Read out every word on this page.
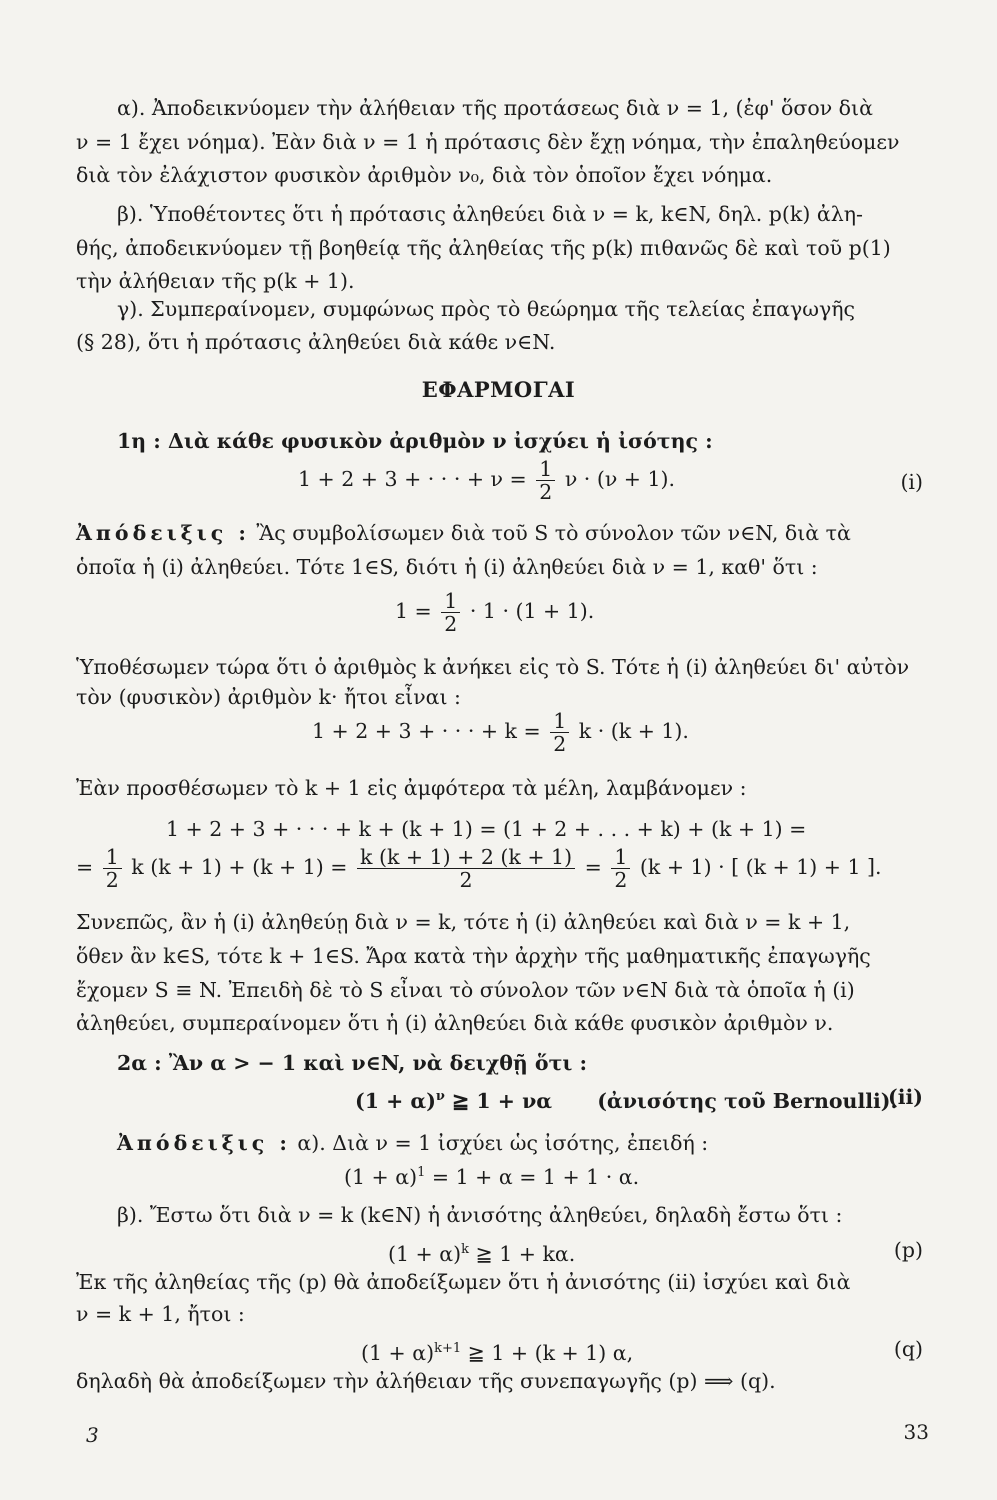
α). Ἀποδεικνύομεν τὴν ἀλήθειαν τῆς προτάσεως διὰ ν = 1, (ἐφ' ὅσον διὰ
ν = 1 ἔχει νόημα). Ἐὰν διὰ ν = 1 ἡ πρότασις δὲν ἔχῃ νόημα, τὴν ἐπαληθεύομεν
διὰ τὸν ἐλάχιστον φυσικὸν ἀριθμὸν ν₀, διὰ τὸν ὁποῖον ἔχει νόημα.
β). Ὑποθέτοντες ὅτι ἡ πρότασις ἀληθεύει διὰ ν = k, k∈N, δηλ. p(k) ἀλη-
θής, ἀποδεικνύομεν τῇ βοηθείᾳ τῆς ἀληθείας τῆς p(k) πιθανῶς δὲ καὶ τοῦ p(1)
τὴν ἀλήθειαν τῆς p(k + 1).
γ). Συμπεραίνομεν, συμφώνως πρὸς τὸ θεώρημα τῆς τελείας ἐπαγωγῆς
(§ 28), ὅτι ἡ πρότασις ἀληθεύει διὰ κάθε ν∈N.
ΕΦΑΡΜΟΓΑΙ
1η : Διὰ κάθε φυσικὸν ἀριθμὸν ν ἰσχύει ἡ ἰσότης :
1 + 2 + 3 + · · · + $\nu = \frac{1}{2}$ ν · (ν + 1).	(i)
Ἀπόδειξις : Ἂς συμβολίσωμεν διὰ τοῦ S τὸ σύνολον τῶν ν∈N, διὰ τὰ
ὁποῖα ἡ (i) ἀληθεύει. Τότε 1∈S, διότι ἡ (i) ἀληθεύει διὰ ν = 1, καθ' ὅτι :
$1 = \frac{1}{2} \cdot 1 \cdot (1 + 1)$.
Ὑποθέσωμεν τώρα ὅτι ὁ ἀριθμὸς k ἀνήκει εἰς τὸ S. Τότε ἡ (i) ἀληθεύει δι' αὐτὸν
τὸν (φυσικὸν) ἀριθμὸν k· ἤτοι εἶναι :
1 + 2 + 3 + · · · + $k = \frac{1}{2}$ k · (k + 1).
Ἐὰν προσθέσωμεν τὸ k + 1 εἰς ἀμφότερα τὰ μέλη, λαμβάνομεν :
1 + 2 + 3 + · · · + k + (k + 1) = (1 + 2 + . . . + k) + (k + 1) =
= $\frac{1}{2}$ k $(k + 1) + (k + 1) = \frac{k (k + 1) + 2 (k + 1)}{2} = \frac{1}{2} (k + 1)$ · [ (k + 1) + 1 ].
Συνεπῶς, ἂν ἡ (i) ἀληθεύῃ διὰ ν = k, τότε ἡ (i) ἀληθεύει καὶ διὰ ν = k + 1,
ὅθεν ἂν k∈S, τότε k + 1∈S. Ἄρα κατὰ τὴν ἀρχὴν τῆς μαθηματικῆς ἐπαγωγῆς
ἔχομεν S ≡ N. Ἐπειδὴ δὲ τὸ S εἶναι τὸ σύνολον τῶν ν∈N διὰ τὰ ὁποῖα ἡ (i)
ἀληθεύει, συμπεραίνομεν ὅτι ἡ (i) ἀληθεύει διὰ κάθε φυσικὸν ἀριθμὸν ν.
2α : Ἂν α > − 1 καὶ ν∈N, νὰ δειχθῇ ὅτι :
$(1 + \alpha)^\nu$ ≧ 1 + να (ἀνισότης τοῦ Bernoulli).
(ii)
Ἀπόδειξις : α). Διὰ ν = 1 ἰσχύει ὡς ἰσότης, ἐπειδή :
$(1 + \alpha)^1 = 1 + \alpha = 1 + 1 \cdot \alpha$.
β). Ἔστω ὅτι διὰ ν = k (k∈N) ἡ ἀνισότης ἀληθεύει, δηλαδὴ ἔστω ὅτι :
$(1 + \alpha)^k$ ≧ 1 + kα.	(p)
Ἐκ τῆς ἀληθείας τῆς (p) θὰ ἀποδείξωμεν ὅτι ἡ ἀνισότης (ii) ἰσχύει καὶ διὰ
ν = k + 1, ἤτοι :
$(1 + \alpha)^{k+1}$ ≧ 1 + (k + 1) α,	(q)
δηλαδὴ θὰ ἀποδείξωμεν τὴν ἀλήθειαν τῆς συνεπαγωγῆς (p) ⟹ (q).
3	33
